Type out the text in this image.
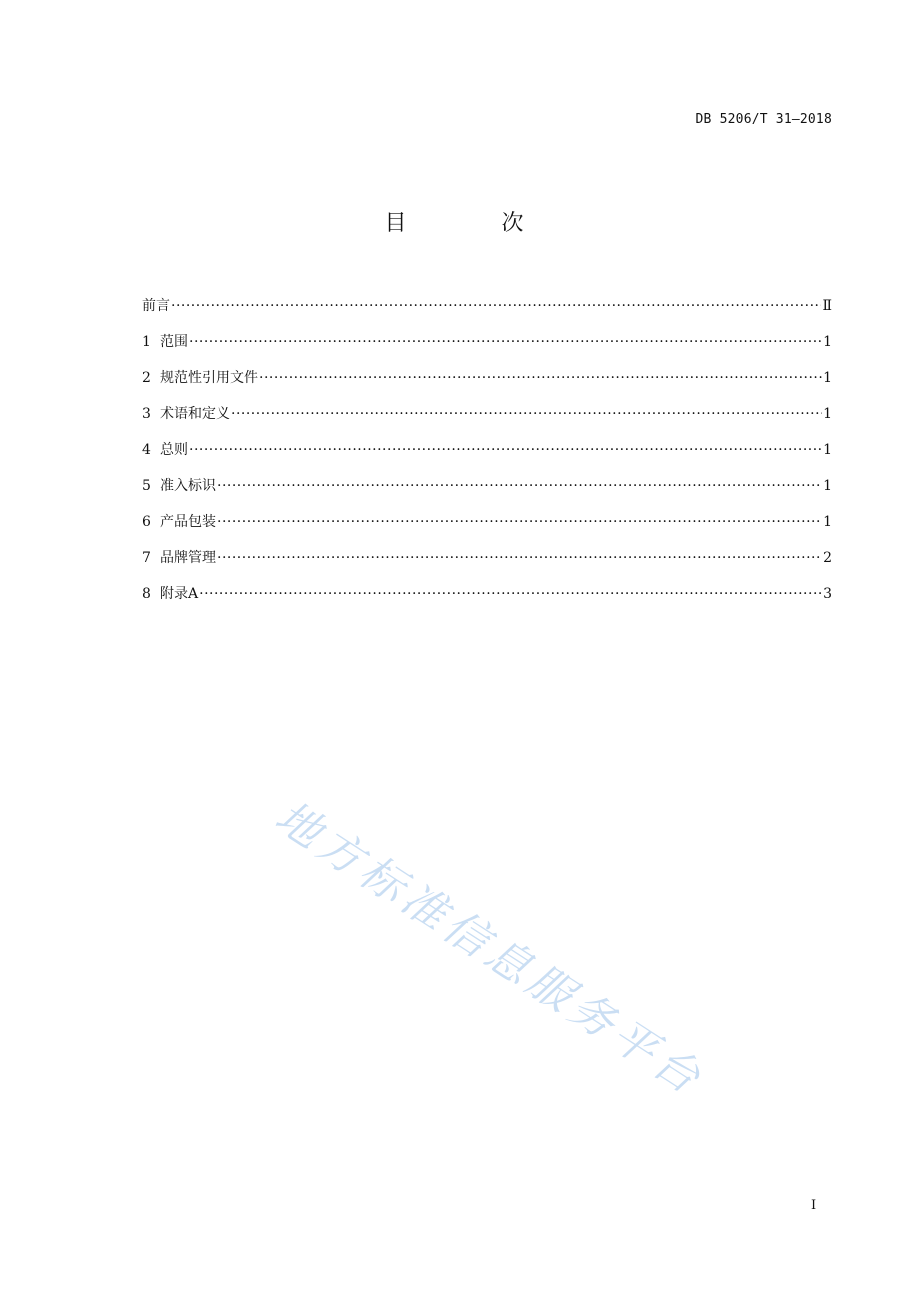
DB 5206/T 31—2018
目 次
前言 ·····	Ⅱ
1 范围 ·····	1
2 规范性引用文件 ·····	1
3 术语和定义 ·····	1
4 总则 ·····	1
5 准入标识 ·····	1
6 产品包装 ·····	1
7 品牌管理 ·····	2
8 附录A ·····	3
地方标准信息服务平台
I
